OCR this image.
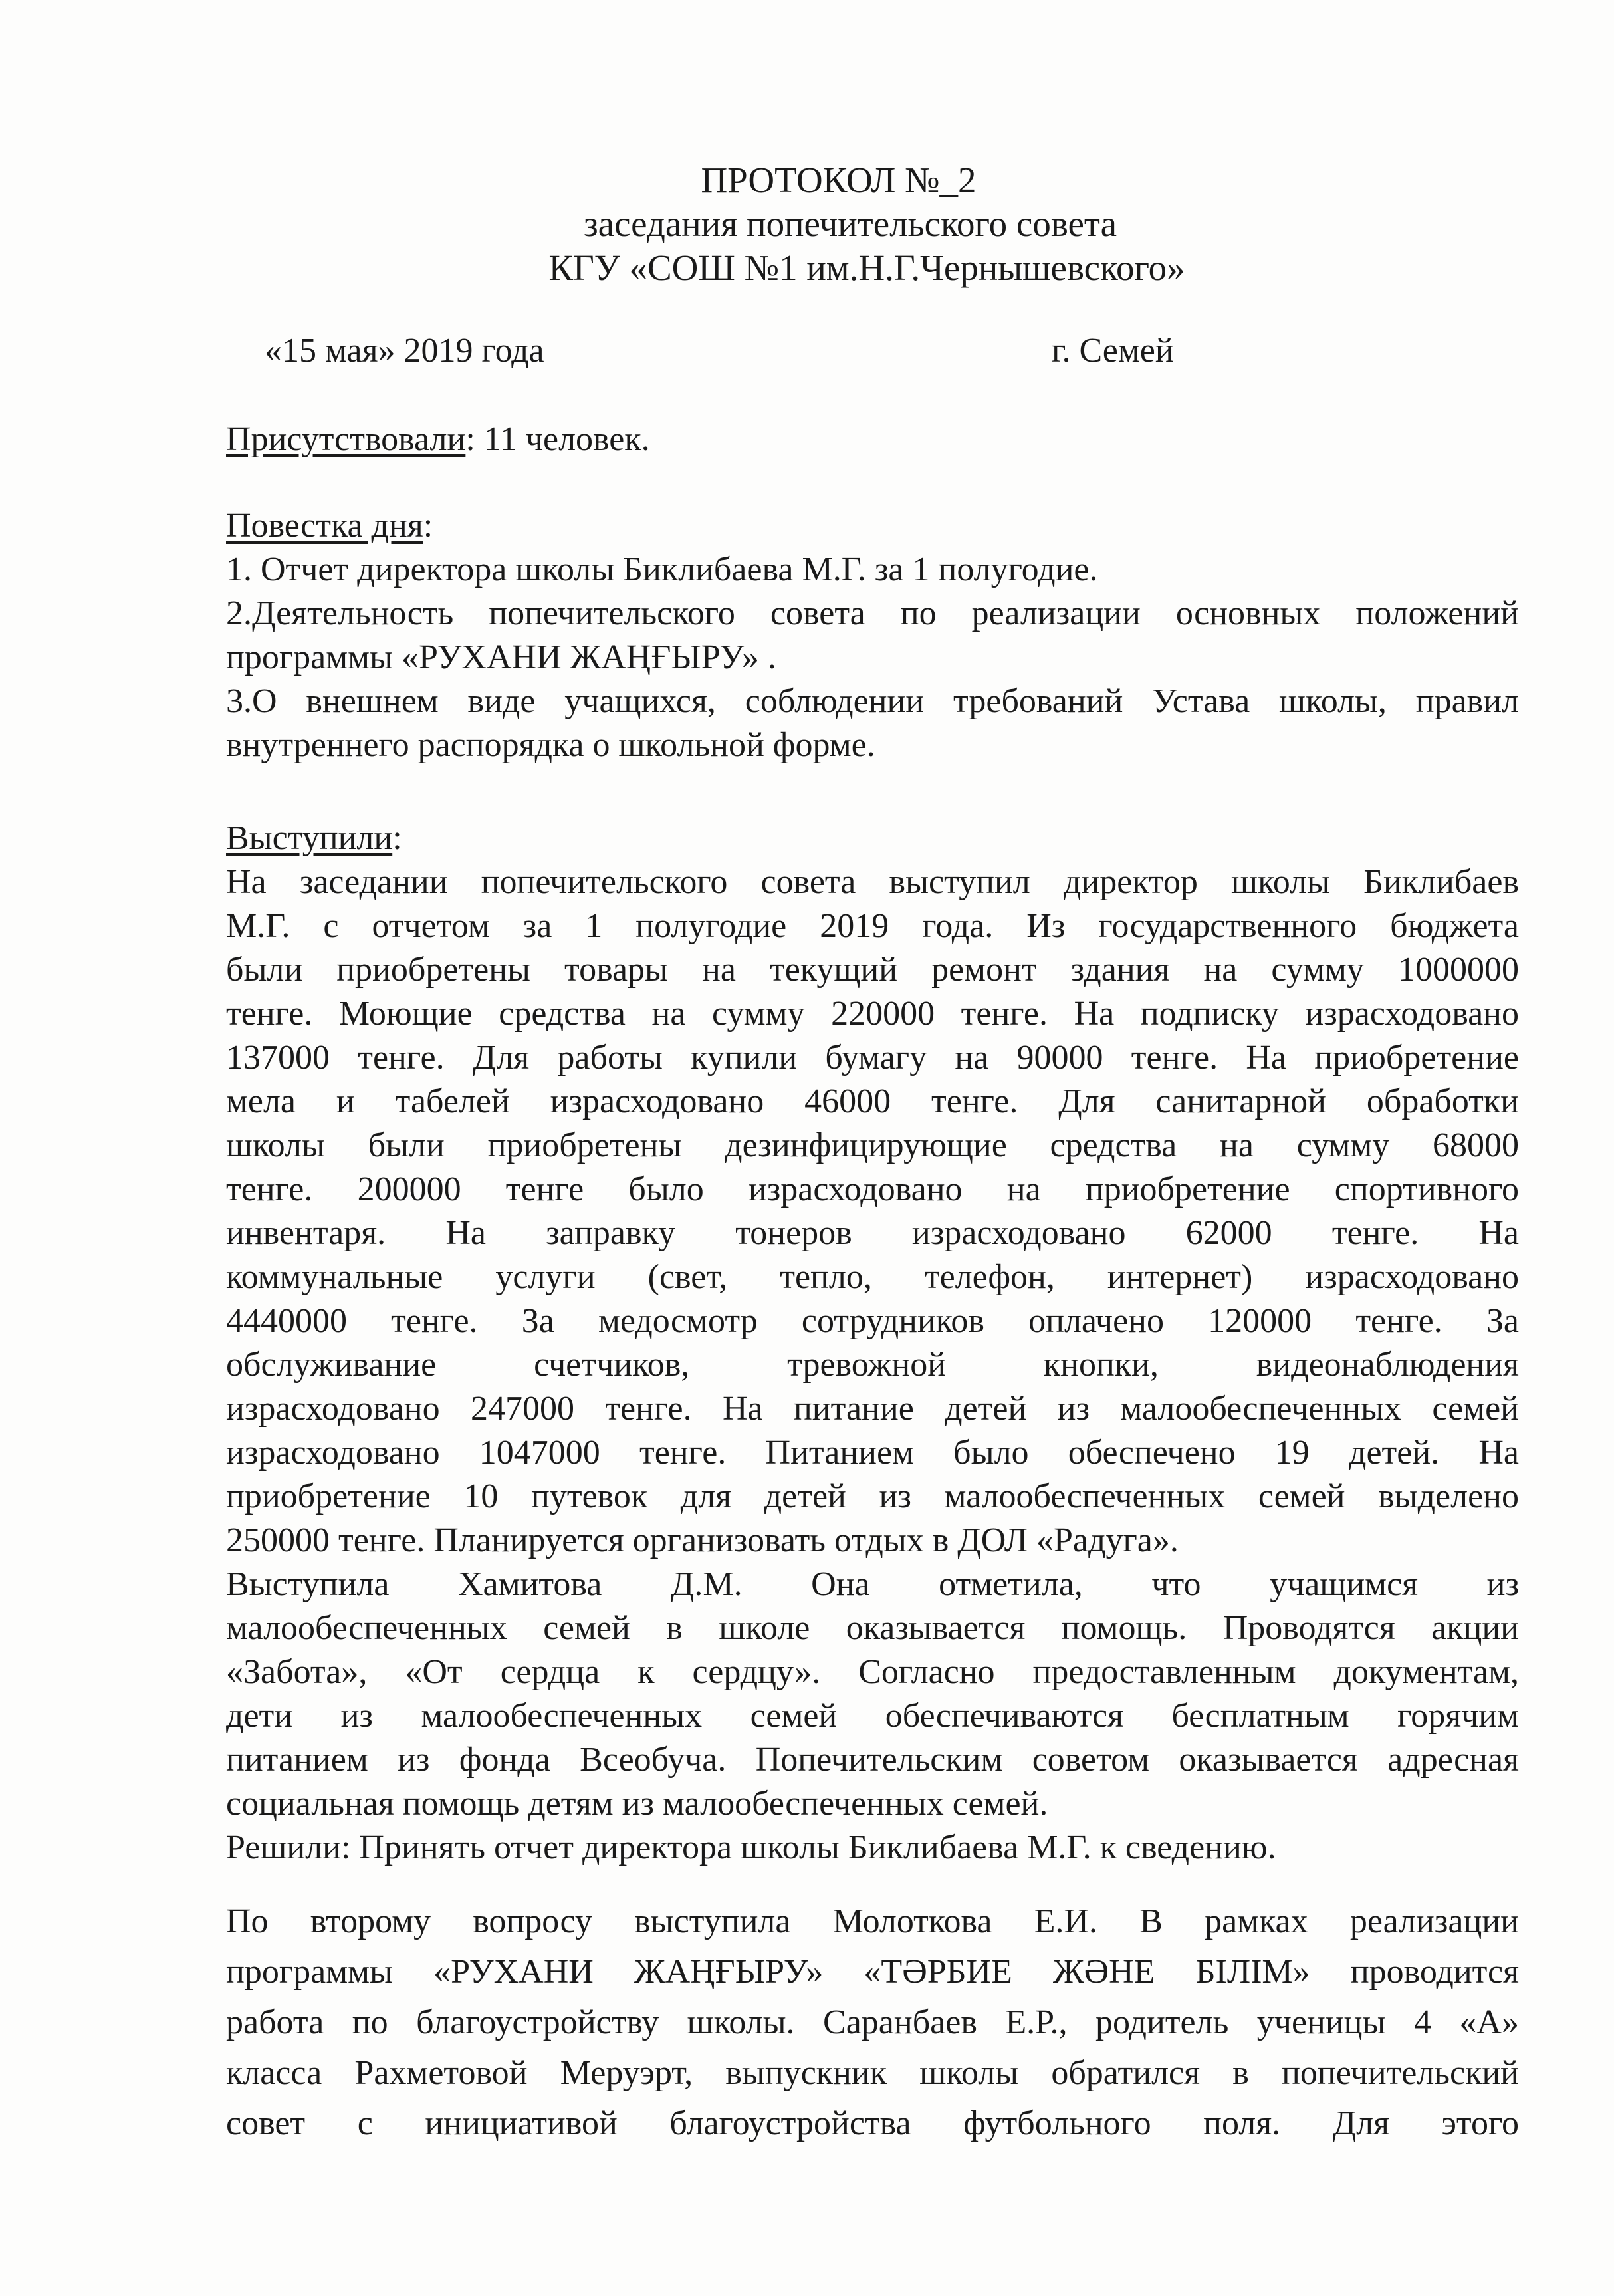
ПРОТОКОЛ №_2
заседания попечительского совета
КГУ «СОШ №1 им.Н.Г.Чернышевского»
«15 мая» 2019 года	г. Семей
Присутствовали: 11 человек.
Повестка дня:
1. Отчет директора школы Биклибаева М.Г. за 1 полугодие.
2.Деятельность попечительского совета по реализации основных положений
программы «РУХАНИ ЖАҢҒЫРУ» .
3.О внешнем виде учащихся, соблюдении требований Устава школы, правил
внутреннего распорядка о школьной форме.
Выступили:
На заседании попечительского совета выступил директор школы Биклибаев
М.Г. с отчетом за 1 полугодие 2019 года. Из государственного бюджета
были приобретены товары на текущий ремонт здания на сумму 1000000
тенге. Моющие средства на сумму 220000 тенге. На подписку израсходовано
137000 тенге. Для работы купили бумагу на 90000 тенге. На приобретение
мела и табелей израсходовано 46000 тенге. Для санитарной обработки
школы были приобретены дезинфицирующие средства на сумму 68000
тенге. 200000 тенге было израсходовано на приобретение спортивного
инвентаря. На заправку тонеров израсходовано 62000 тенге. На
коммунальные услуги (свет, тепло, телефон, интернет) израсходовано
4440000 тенге. За медосмотр сотрудников оплачено 120000 тенге. За
обслуживание счетчиков, тревожной кнопки, видеонаблюдения
израсходовано 247000 тенге. На питание детей из малообеспеченных семей
израсходовано 1047000 тенге. Питанием было обеспечено 19 детей. На
приобретение 10 путевок для детей из малообеспеченных семей выделено
250000 тенге. Планируется организовать отдых в ДОЛ «Радуга».
Выступила Хамитова Д.М. Она отметила, что учащимся из
малообеспеченных семей в школе оказывается помощь. Проводятся акции
«Забота», «От сердца к сердцу». Согласно предоставленным документам,
дети из малообеспеченных семей обеспечиваются бесплатным горячим
питанием из фонда Всеобуча. Попечительским советом оказывается адресная
социальная помощь детям из малообеспеченных семей.
Решили: Принять отчет директора школы Биклибаева М.Г. к сведению.
По второму вопросу выступила Молоткова Е.И. В рамках реализации
программы «РУХАНИ ЖАҢҒЫРУ» «ТӘРБИЕ ЖӘНЕ БІЛІМ» проводится
работа по благоустройству школы. Саранбаев Е.Р., родитель ученицы 4 «А»
класса Рахметовой Меруэрт, выпускник школы обратился в попечительский
совет с инициативой благоустройства футбольного поля. Для этого
